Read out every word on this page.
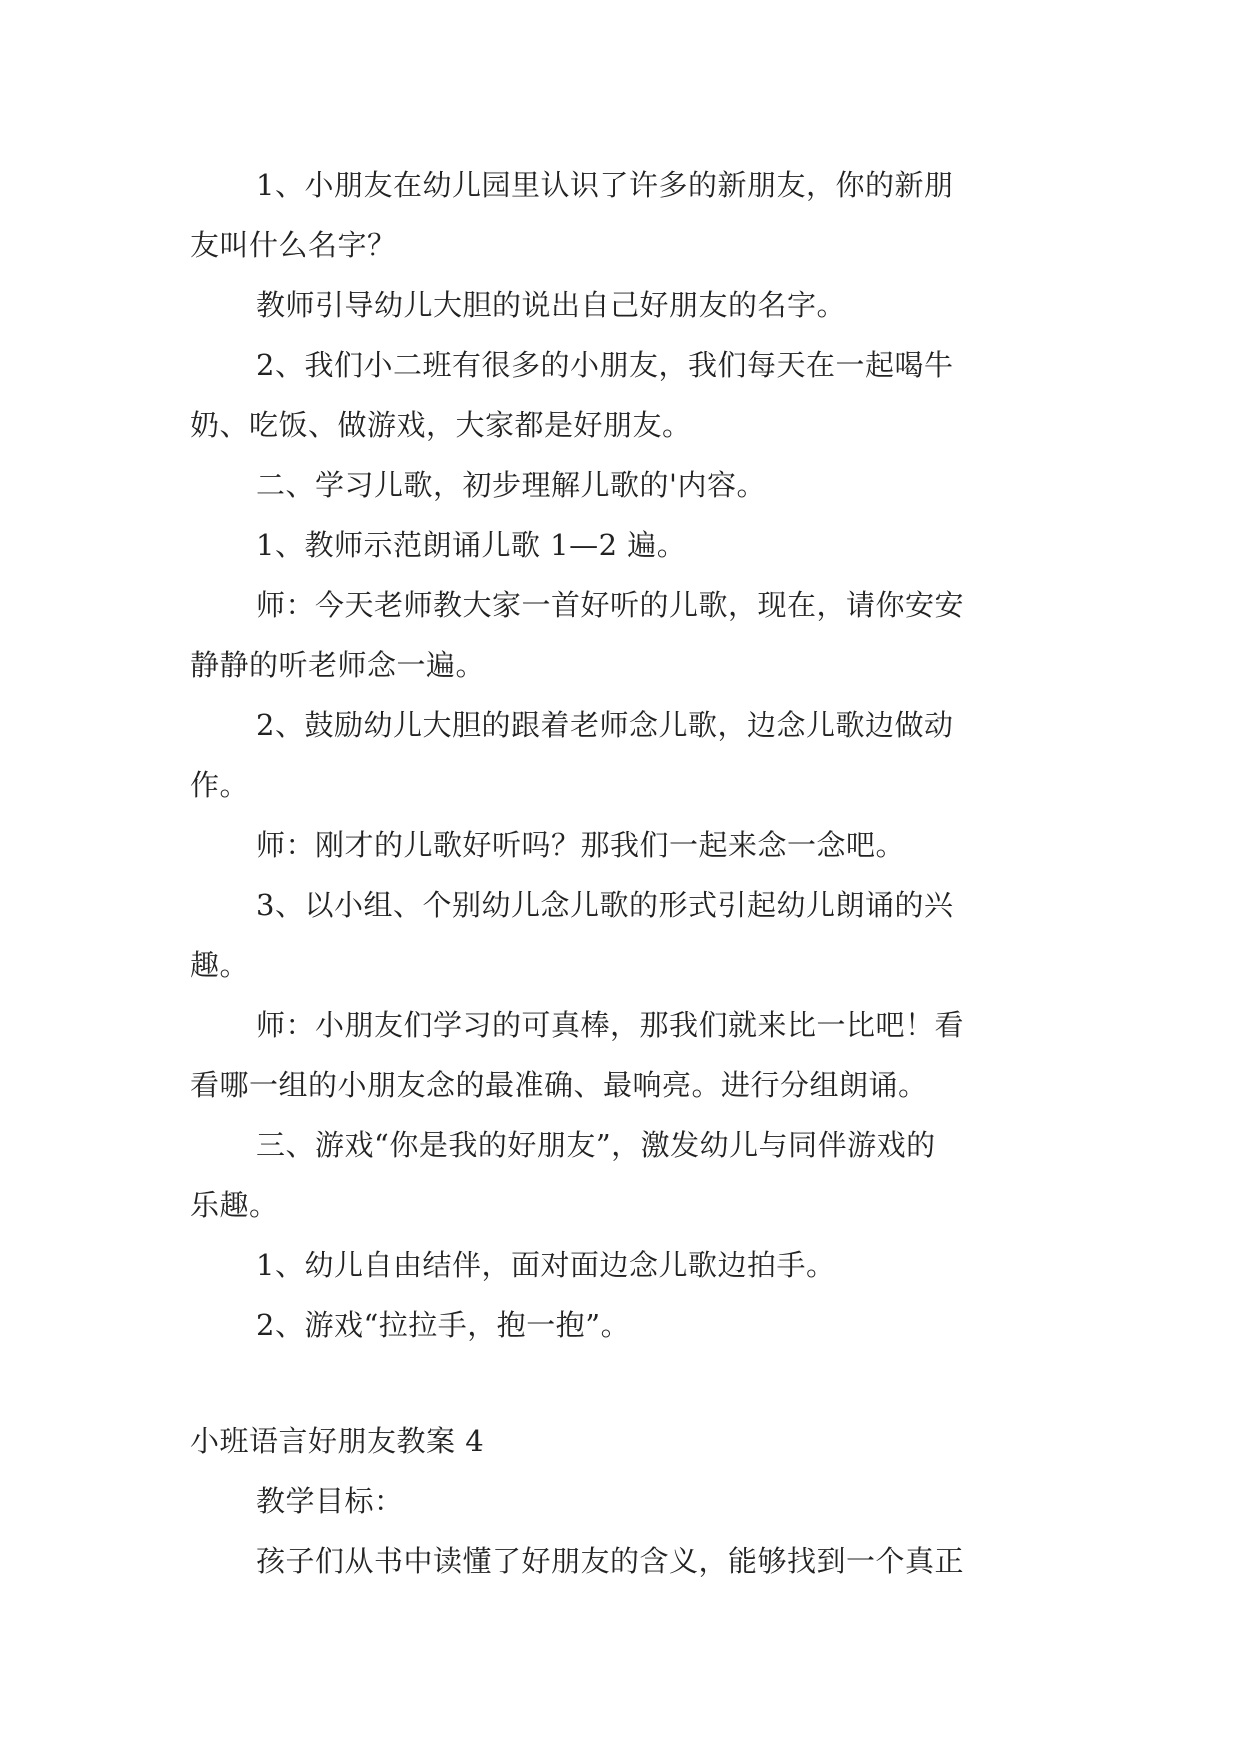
1、小朋友在幼儿园里认识了许多的新朋友，你的新朋
友叫什么名字？
教师引导幼儿大胆的说出自己好朋友的名字。
2、我们小二班有很多的小朋友，我们每天在一起喝牛
奶、吃饭、做游戏，大家都是好朋友。
二、学习儿歌，初步理解儿歌的'内容。
1、教师示范朗诵儿歌 1—2 遍。
师：今天老师教大家一首好听的儿歌，现在，请你安安
静静的听老师念一遍。
2、鼓励幼儿大胆的跟着老师念儿歌，边念儿歌边做动
作。
师：刚才的儿歌好听吗？那我们一起来念一念吧。
3、以小组、个别幼儿念儿歌的形式引起幼儿朗诵的兴
趣。
师：小朋友们学习的可真棒，那我们就来比一比吧！看
看哪一组的小朋友念的最准确、最响亮。进行分组朗诵。
三、游戏“你是我的好朋友”，激发幼儿与同伴游戏的
乐趣。
1、幼儿自由结伴，面对面边念儿歌边拍手。
2、游戏“拉拉手，抱一抱”。
小班语言好朋友教案 4
教学目标：
孩子们从书中读懂了好朋友的含义，能够找到一个真正
